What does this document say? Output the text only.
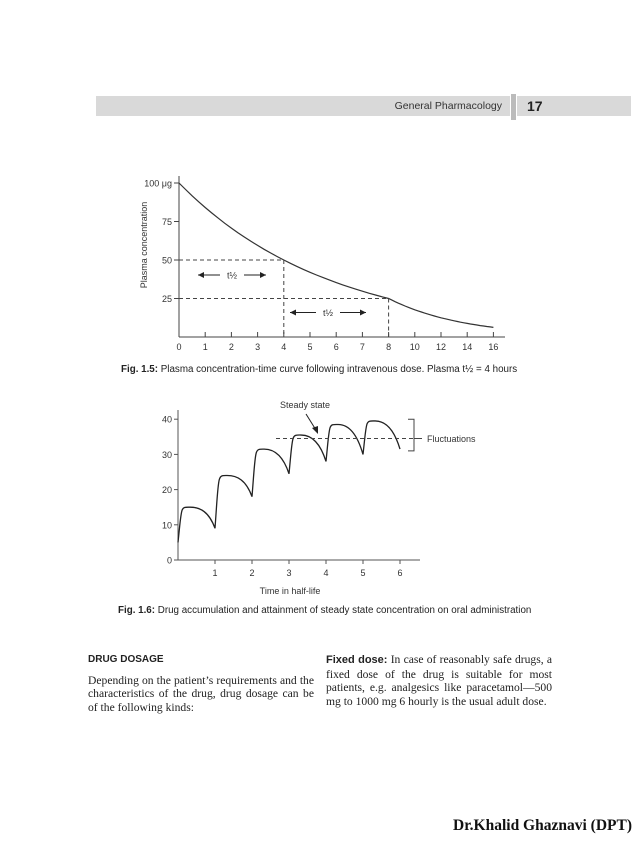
General Pharmacology 17
100 μg
75
50
25
0 1 2 3 4 5 6 7 8 10 12 14 16
Plasma concentration	t½
t½
40
30
20
10
0
1	2	3	4	5	6
Time in half-life
Fluctuations
Steady state
Fig. 1.5: Plasma concentration-time curve following intravenous dose. Plasma t½ = 4 hours
Fig. 1.6: Drug accumulation and attainment of steady state concentration on oral administration
DRUG DOSAGE
Depending on the patient’s requirements and the characteristics of the drug, drug dosage can be of the following kinds:
Fixed dose: In case of reasonably safe drugs, a fixed dose of the drug is suitable for most patients, e.g. analgesics like paracetamol—500 mg to 1000 mg 6 hourly is the usual adult dose.
Dr.Khalid Ghaznavi (DPT)
